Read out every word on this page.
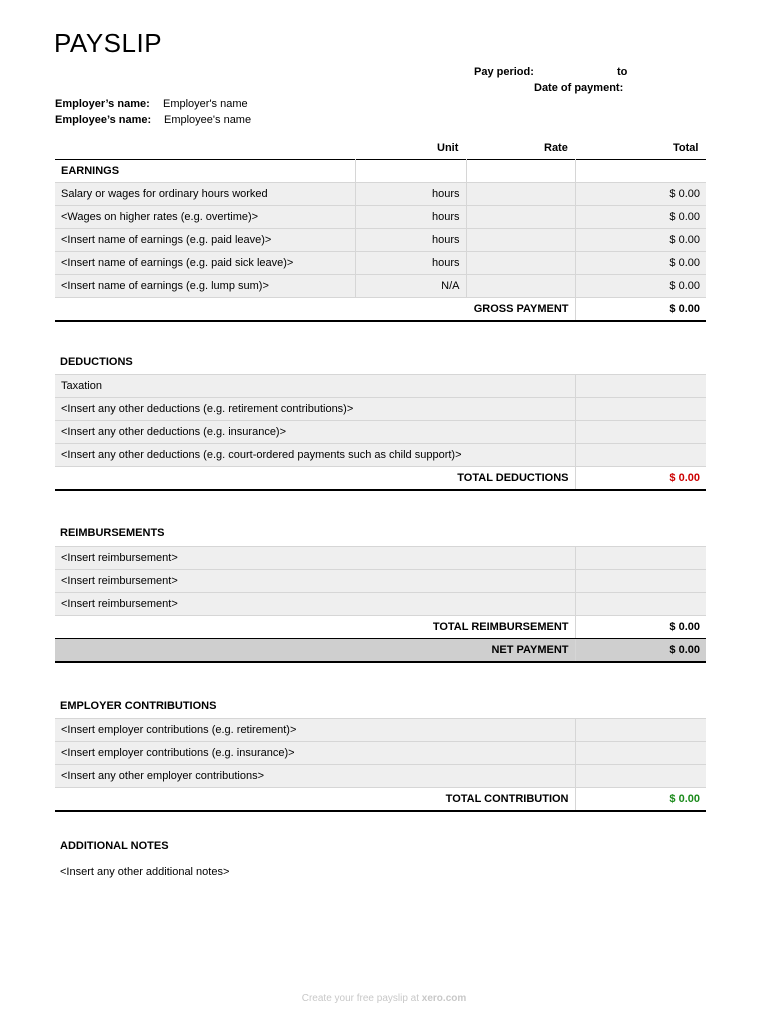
PAYSLIP
Pay period:	to
Date of payment:
Employer’s name: Employer's name
Employee’s name: Employee's name
Unit	Rate	Total
EARNINGS			
Salary or wages for ordinary hours worked	hours		$ 0.00
<Wages on higher rates (e.g. overtime)>	hours		$ 0.00
<Insert name of earnings (e.g. paid leave)>	hours		$ 0.00
<Insert name of earnings (e.g. paid sick leave)>	hours		$ 0.00
<Insert name of earnings (e.g. lump sum)>	N/A		$ 0.00
GROSS PAYMENT			$ 0.00
DEDUCTIONS
Taxation	
<Insert any other deductions (e.g. retirement contributions)>	
<Insert any other deductions (e.g. insurance)>	
<Insert any other deductions (e.g. court-ordered payments such as child support)>	
TOTAL DEDUCTIONS	$ 0.00
REIMBURSEMENTS
<Insert reimbursement>	
<Insert reimbursement>	
<Insert reimbursement>	
TOTAL REIMBURSEMENT	$ 0.00
NET PAYMENT	$ 0.00
EMPLOYER CONTRIBUTIONS
<Insert employer contributions (e.g. retirement)>	
<Insert employer contributions (e.g. insurance)>	
<Insert any other employer contributions>	
TOTAL CONTRIBUTION	$ 0.00
ADDITIONAL NOTES
<Insert any other additional notes>
Create your free payslip at xero.com
